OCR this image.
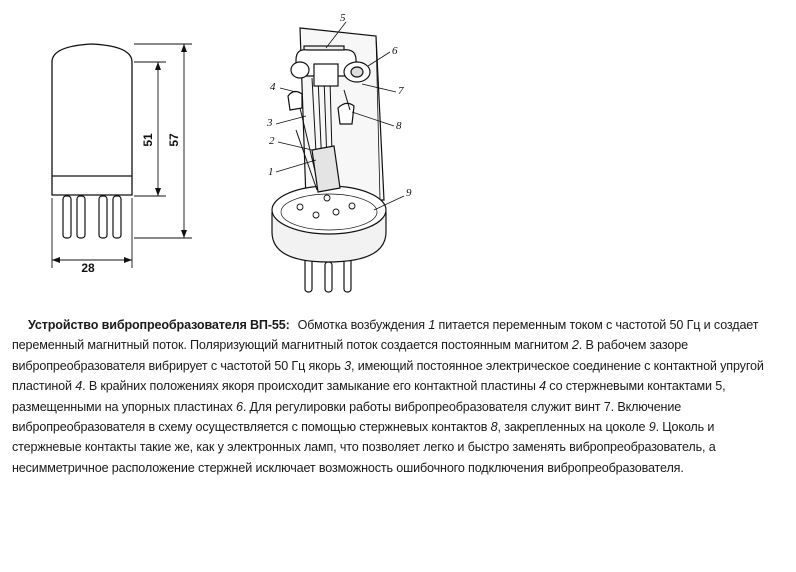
51 57
28
5
6
4	7
3	8
2
1
9
Устройство вибропреобразователя ВП-55: Обмотка возбуждения 1 питается переменным током с частотой 50 Гц и создает переменный магнитный поток. Поляризующий магнитный поток создается постоянным магнитом 2. В рабочем зазоре вибропреобразователя вибрирует с частотой 50 Гц якорь 3, имеющий постоянное электрическое соединение с контактной упругой пластиной 4. В крайних положениях якоря происходит замыкание его контактной пластины 4 со стержневыми контактами 5, размещенными на упорных пластинах 6. Для регулировки работы вибропреобразователя служит винт 7. Включение вибропреобразователя в схему осуществляется с помощью стержневых контактов 8, закрепленных на цоколе 9. Цоколь и стержневые контакты такие же, как у электронных ламп, что позволяет легко и быстро заменять вибропреобразователь, а несимметричное расположение стержней исключает возможность ошибочного подключения вибропреобразователя.
